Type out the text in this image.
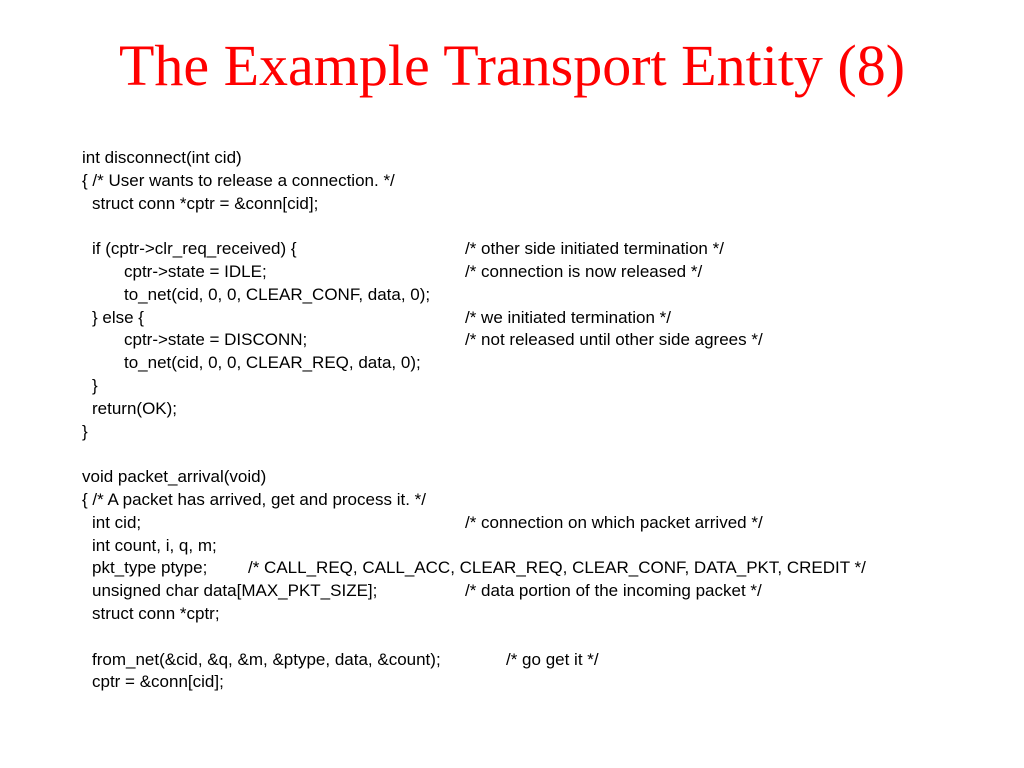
The Example Transport Entity (8)
int disconnect(int cid)
{ /* User wants to release a connection. */
struct conn *cptr = &conn[cid];
if (cptr->clr_req_received) {	/* other side initiated termination */
cptr->state = IDLE;	/* connection is now released */
to_net(cid, 0, 0, CLEAR_CONF, data, 0);
} else {	/* we initiated termination */
cptr->state = DISCONN;	/* not released until other side agrees */
to_net(cid, 0, 0, CLEAR_REQ, data, 0);
}
return(OK);
}
void packet_arrival(void)
{ /* A packet has arrived, get and process it. */
int cid;	/* connection on which packet arrived */
int count, i, q, m;
pkt_type ptype; /* CALL_REQ, CALL_ACC, CLEAR_REQ, CLEAR_CONF, DATA_PKT, CREDIT */
unsigned char data[MAX_PKT_SIZE];	/* data portion of the incoming packet */
struct conn *cptr;
from_net(&cid, &q, &m, &ptype, data, &count);	/* go get it */
cptr = &conn[cid];
